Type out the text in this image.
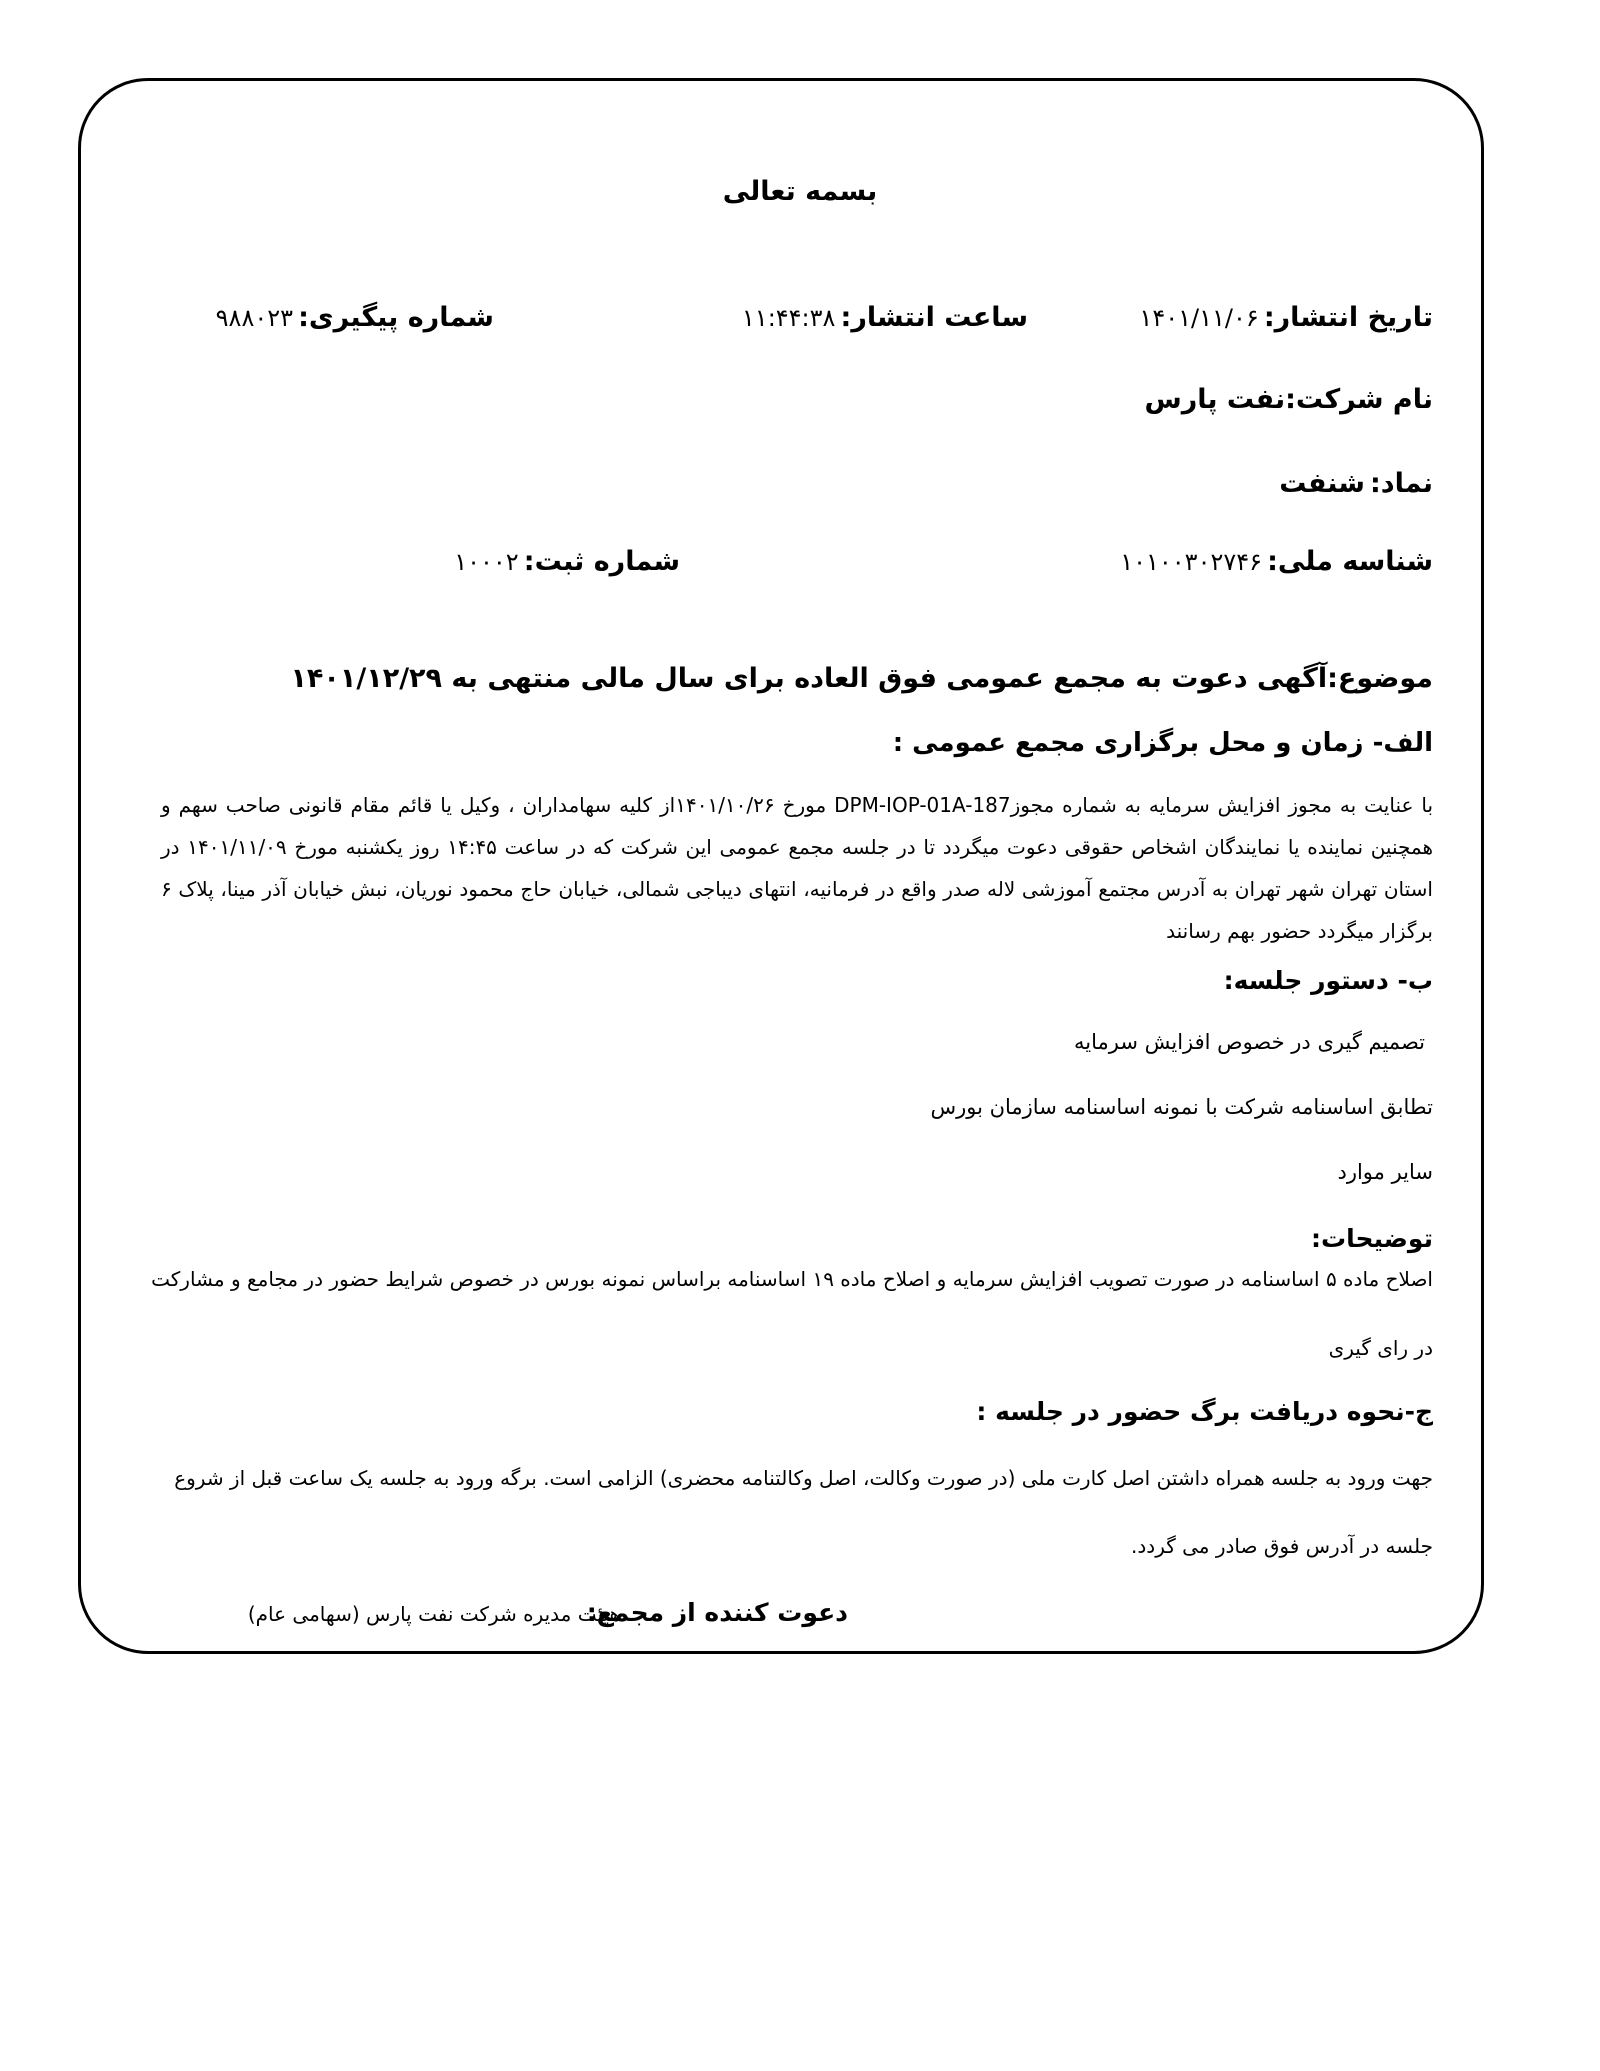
بسمه تعالی
تاریخ انتشار: ۱۴۰۱/۱۱/۰۶
ساعت انتشار: ۱۱:۴۴:۳۸
شماره پیگیری: ۹۸۸۰۲۳
نام شرکت:نفت پارس
نماد: شنفت
شناسه ملی: ۱۰۱۰۰۳۰۲۷۴۶
شماره ثبت: ۱۰۰۰۲
موضوع:آگهی دعوت به مجمع عمومی فوق العاده برای سال مالی منتهی به ۱۴۰۱/۱۲/۲۹
الف- زمان و محل برگزاری مجمع عمومی :
با عنایت به مجوز افزایش سرمایه به شماره مجوزDPM-IOP-01A-187 مورخ ۱۴۰۱/۱۰/۲۶از کلیه سهامداران ، وکیل یا قائم مقام قانونی صاحب سهم و همچنین نماینده یا نمایندگان اشخاص حقوقی دعوت میگردد تا در جلسه مجمع عمومی این شرکت که در ساعت ۱۴:۴۵ روز یکشنبه مورخ ۱۴۰۱/۱۱/۰۹ در استان تهران شهر تهران به آدرس مجتمع آموزشی لاله صدر واقع در فرمانیه، انتهای دیباجی شمالی، خیابان حاج محمود نوریان، نبش خیابان آذر مینا، پلاک ۶ برگزار میگردد حضور بهم رسانند
ب- دستور جلسه:
تصمیم گیری در خصوص افزایش سرمایه
تطابق اساسنامه شرکت با نمونه اساسنامه سازمان بورس
سایر موارد
توضیحات:
اصلاح ماده ۵ اساسنامه در صورت تصویب افزایش سرمایه و اصلاح ماده ۱۹ اساسنامه براساس نمونه بورس در خصوص شرایط حضور در مجامع و مشارکت
در رای گیری
ج-نحوه دریافت برگ حضور در جلسه :
جهت ورود به جلسه همراه داشتن اصل کارت ملی (در صورت وکالت، اصل وکالتنامه محضری) الزامی است. برگه ورود به جلسه یک ساعت قبل از شروع
جلسه در آدرس فوق صادر می گردد.
دعوت کننده از مجمع:
هیئت مدیره شرکت نفت پارس (سهامی عام)
